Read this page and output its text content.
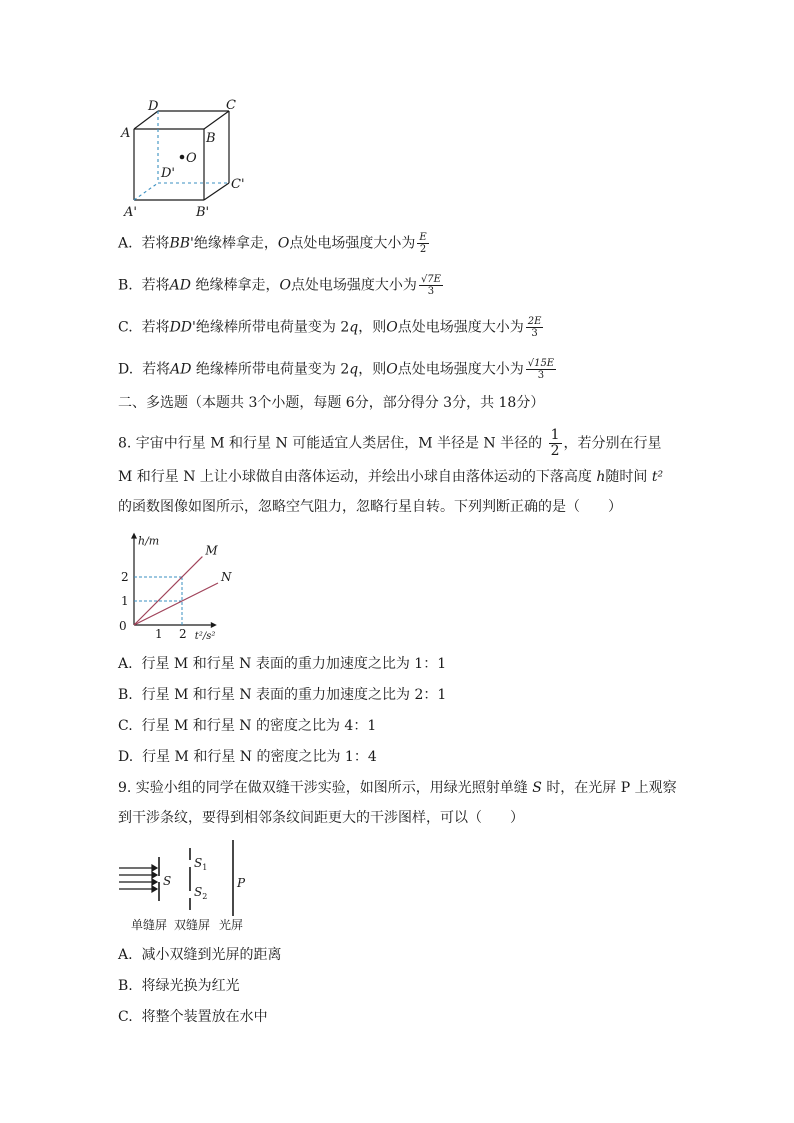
D	C
A	B
O
D'
C'
A'	B'
A. 若将BB'绝缘棒拿走，O点处电场强度大小为 $\frac{E}{2}$
B. 若将AD 绝缘棒拿走，O点处电场强度大小为 $\frac{√7E}{3}$
C. 若将DD'绝缘棒所带电荷量变为 2q，则O点处电场强度大小为 $\frac{2E}{3}$
D. 若将AD 绝缘棒所带电荷量变为 2q，则O点处电场强度大小为 $\frac{√15E}{3}$
二、多选题（本题共 3个小题，每题 6分，部分得分 3分，共 18分）
8. 宇宙中行星 M 和行星 N 可能适宜人类居住，M 半径是 N 半径的 $\frac{1}{2}$ ，若分别在行星
M 和行星 N 上让小球做自由落体运动，并绘出小球自由落体运动的下落高度 h随时间 t²
的函数图像如图所示，忽略空气阻力，忽略行星自转。下列判断正确的是（　　）
M
N
1 2
1
2
0
h/m
t²/s²
A. 行星 M 和行星 N 表面的重力加速度之比为 1：1
B. 行星 M 和行星 N 表面的重力加速度之比为 2：1
C. 行星 M 和行星 N 的密度之比为 4：1
D. 行星 M 和行星 N 的密度之比为 1：4
9. 实验小组的同学在做双缝干涉实验，如图所示，用绿光照射单缝 S 时，在光屏 P 上观察
到干涉条纹，要得到相邻条纹间距更大的干涉图样，可以（　　）
S
$S_1$
$S_2$
P
单缝屏 双缝屏 光屏
A. 减小双缝到光屏的距离
B. 将绿光换为红光
C. 将整个装置放在水中
